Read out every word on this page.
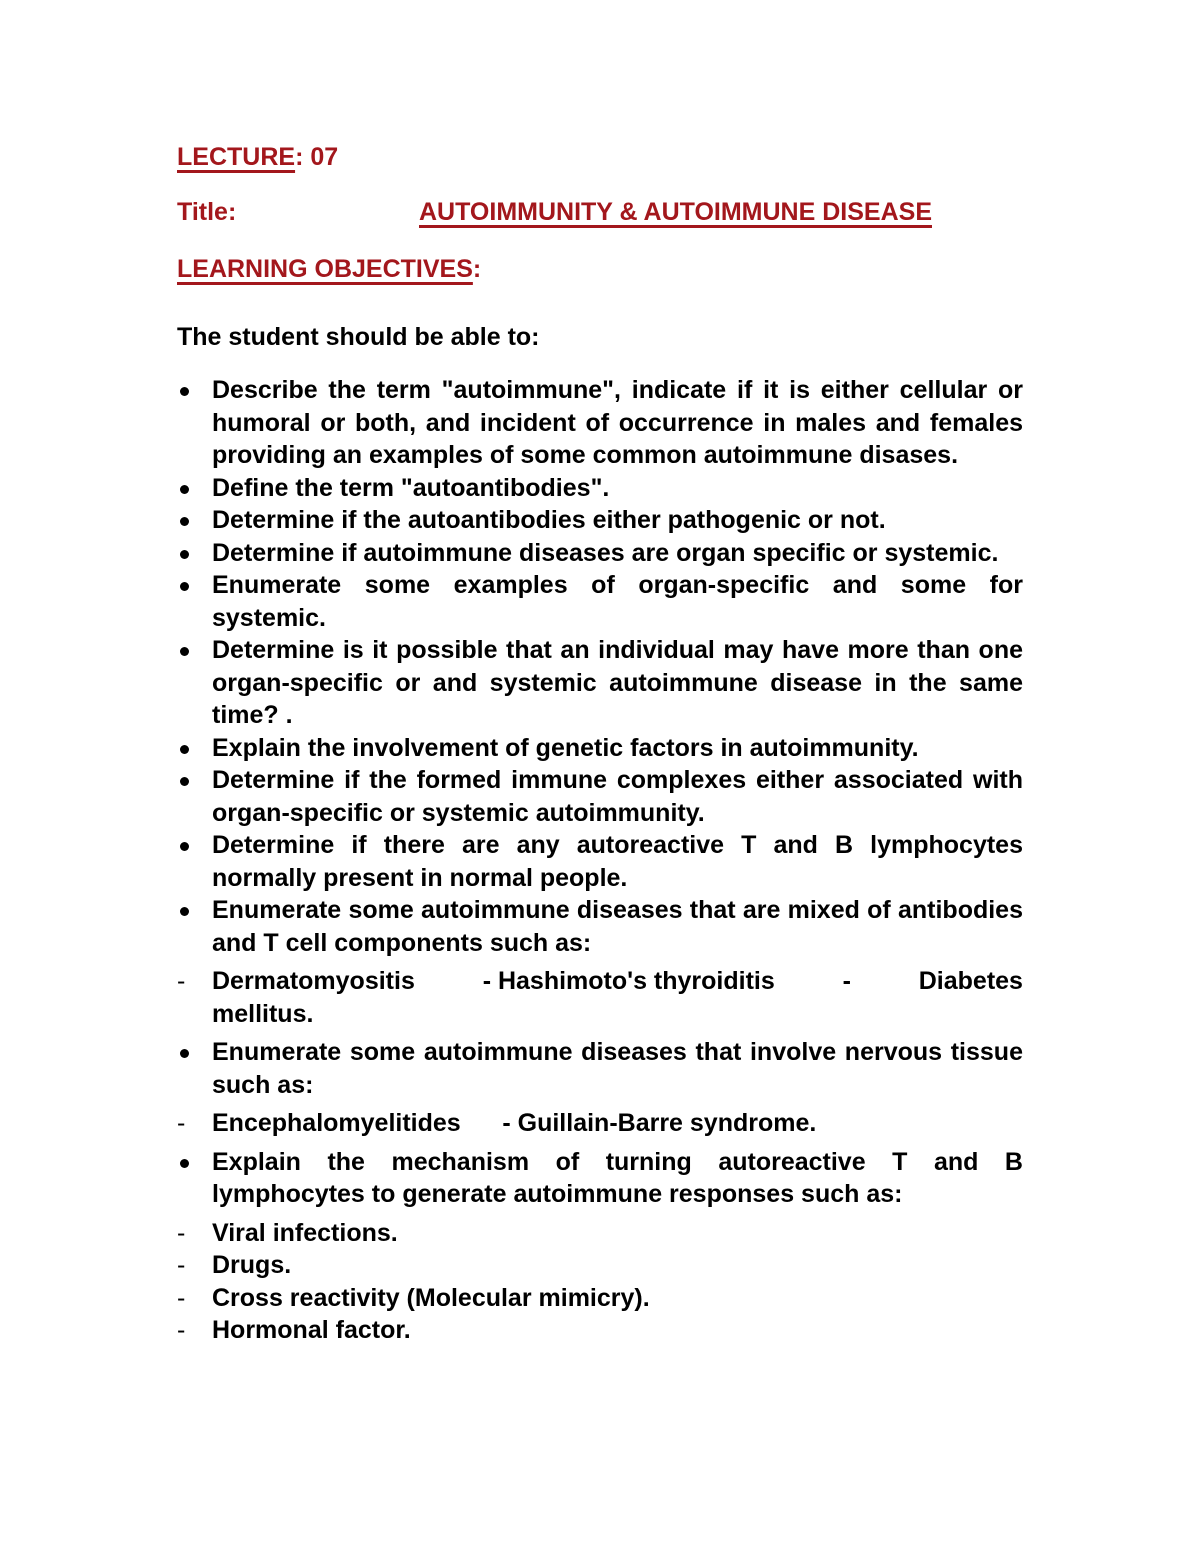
LECTURE: 07
Title:	AUTOIMMUNITY & AUTOIMMUNE DISEASE
LEARNING OBJECTIVES:
The student should be able to:
Describe the term "autoimmune", indicate if it is either cellular or humoral or both, and incident of occurrence in males and females providing an examples of some common autoimmune disases.
Define the term "autoantibodies".
Determine if the autoantibodies either pathogenic or not.
Determine if autoimmune diseases are organ specific or systemic.
Enumerate some examples of organ-specific and some for systemic.
Determine is it possible that an individual may have more than one organ-specific or and systemic autoimmune disease in the same time? .
Explain the involvement of genetic factors in autoimmunity.
Determine if the formed immune complexes either associated with organ-specific or systemic autoimmunity.
Determine if there are any autoreactive T and B lymphocytes normally present in normal people.
Enumerate some autoimmune diseases that are mixed of antibodies and T cell components such as:
-	Dermatomyositis	- Hashimoto's thyroiditis	-	Diabetes
mellitus.
Enumerate some autoimmune diseases that involve nervous tissue such as:
-	Encephalomyelitides      - Guillain-Barre syndrome.
Explain the mechanism of turning autoreactive T and B lymphocytes to generate autoimmune responses such as:
-	Viral infections.
-	Drugs.
-	Cross reactivity (Molecular mimicry).
-	Hormonal factor.
